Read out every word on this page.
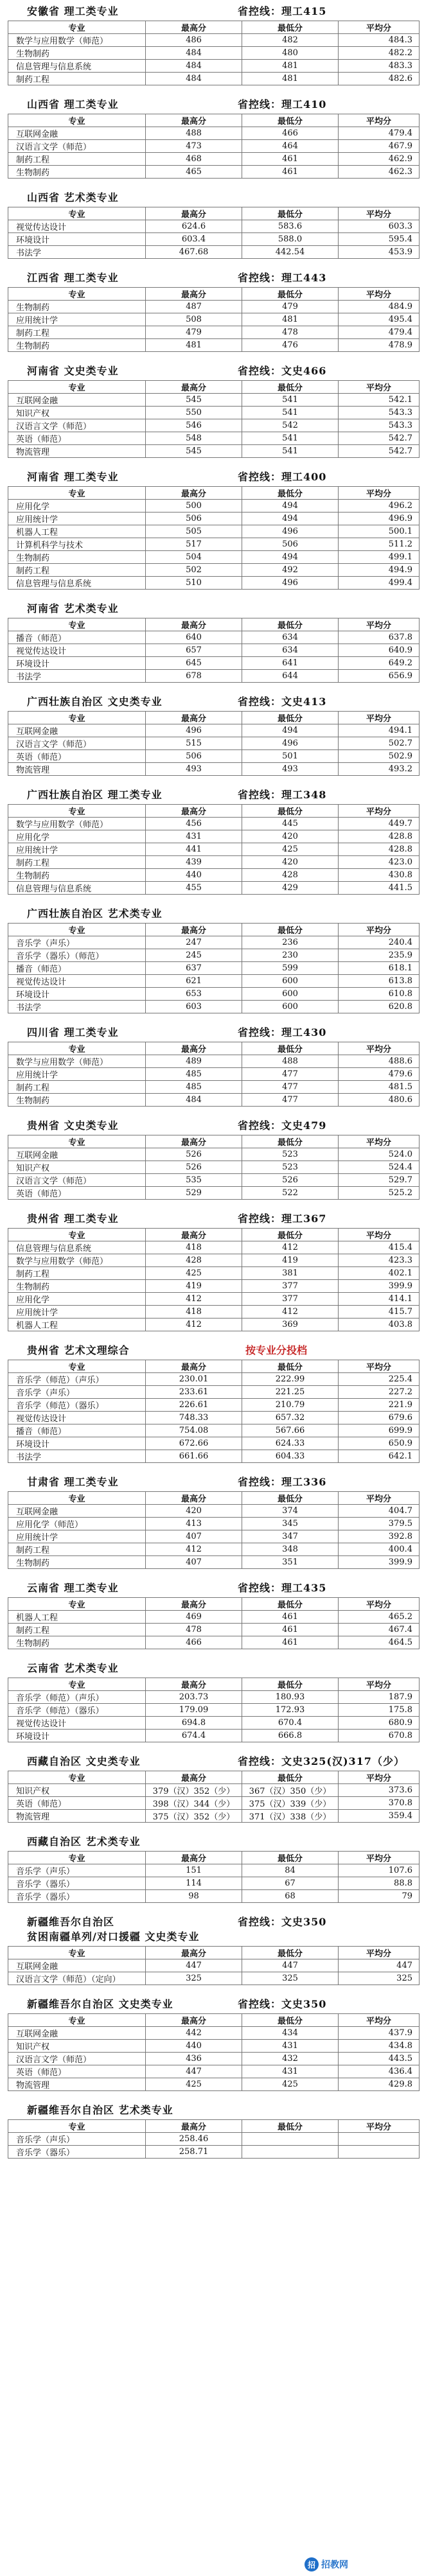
安徽省 理工类专业	省控线：理工415
专业	最高分	最低分	平均分
数学与应用数学（师范）	486	482	484.3
生物制药	484	480	482.2
信息管理与信息系统	484	481	483.3
制药工程	484	481	482.6
山西省 理工类专业	省控线：理工410
专业	最高分	最低分	平均分
互联网金融	488	466	479.4
汉语言文学（师范）	473	464	467.9
制药工程	468	461	462.9
生物制药	465	461	462.3
山西省 艺术类专业
专业	最高分	最低分	平均分
视觉传达设计	624.6	583.6	603.3
环境设计	603.4	588.0	595.4
书法学	467.68	442.54	453.9
江西省 理工类专业	省控线：理工443
专业	最高分	最低分	平均分
生物制药	487	479	484.9
应用统计学	508	481	495.4
制药工程	479	478	479.4
生物制药	481	476	478.9
河南省 文史类专业	省控线：文史466
专业	最高分	最低分	平均分
互联网金融	545	541	542.1
知识产权	550	541	543.3
汉语言文学（师范）	546	542	543.3
英语（师范）	548	541	542.7
物流管理	545	541	542.7
河南省 理工类专业	省控线：理工400
专业	最高分	最低分	平均分
应用化学	500	494	496.2
应用统计学	506	494	496.9
机器人工程	505	496	500.1
计算机科学与技术	517	506	511.2
生物制药	504	494	499.1
制药工程	502	492	494.9
信息管理与信息系统	510	496	499.4
河南省 艺术类专业
专业	最高分	最低分	平均分
播音（师范）	640	634	637.8
视觉传达设计	657	634	640.9
环境设计	645	641	649.2
书法学	678	644	656.9
广西壮族自治区 文史类专业	省控线：文史413
专业	最高分	最低分	平均分
互联网金融	496	494	494.1
汉语言文学（师范）	515	496	502.7
英语（师范）	506	501	502.9
物流管理	493	493	493.2
广西壮族自治区 理工类专业	省控线：理工348
专业	最高分	最低分	平均分
数学与应用数学（师范）	456	445	449.7
应用化学	431	420	428.8
应用统计学	441	425	428.8
制药工程	439	420	423.0
生物制药	440	428	430.8
信息管理与信息系统	455	429	441.5
广西壮族自治区 艺术类专业
专业	最高分	最低分	平均分
音乐学（声乐）	247	236	240.4
音乐学（器乐）（师范）	245	230	235.9
播音（师范）	637	599	618.1
视觉传达设计	621	600	613.8
环境设计	653	600	610.8
书法学	603	600	620.8
四川省 理工类专业	省控线：理工430
专业	最高分	最低分	平均分
数学与应用数学（师范）	489	488	488.6
应用统计学	485	477	479.6
制药工程	485	477	481.5
生物制药	484	477	480.6
贵州省 文史类专业	省控线：文史479
专业	最高分	最低分	平均分
互联网金融	526	523	524.0
知识产权	526	523	524.4
汉语言文学（师范）	535	526	529.7
英语（师范）	529	522	525.2
贵州省 理工类专业	省控线：理工367
专业	最高分	最低分	平均分
信息管理与信息系统	418	412	415.4
数学与应用数学（师范）	428	419	423.3
制药工程	425	381	402.1
生物制药	419	377	399.9
应用化学	412	377	414.1
应用统计学	418	412	415.7
机器人工程	412	369	403.8
贵州省 艺术文理综合	按专业分投档
专业	最高分	最低分	平均分
音乐学（师范）（声乐）	230.01	222.99	225.4
音乐学（声乐）	233.61	221.25	227.2
音乐学（师范）（器乐）	226.61	210.79	221.9
视觉传达设计	748.33	657.32	679.6
播音（师范）	754.08	567.66	699.9
环境设计	672.66	624.33	650.9
书法学	661.66	604.33	642.1
甘肃省 理工类专业	省控线：理工336
专业	最高分	最低分	平均分
互联网金融	420	374	404.7
应用化学（师范）	413	345	379.5
应用统计学	407	347	392.8
制药工程	412	348	400.4
生物制药	407	351	399.9
云南省 理工类专业	省控线：理工435
专业	最高分	最低分	平均分
机器人工程	469	461	465.2
制药工程	478	461	467.4
生物制药	466	461	464.5
云南省 艺术类专业
专业	最高分	最低分	平均分
音乐学（师范）（声乐）	203.73	180.93	187.9
音乐学（师范）（器乐）	179.09	172.93	175.8
视觉传达设计	694.8	670.4	680.9
环境设计	674.4	666.8	670.8
西藏自治区 文史类专业	省控线：文史325(汉)317（少）
专业	最高分	最低分	平均分
知识产权	379（汉）352（少）	367（汉）350（少）	373.6
英语（师范）	398（汉）344（少）	375（汉）339（少）	370.8
物流管理	375（汉）352（少）	371（汉）338（少）	359.4
西藏自治区 艺术类专业
专业	最高分	最低分	平均分
音乐学（声乐）	151	84	107.6
音乐学（器乐）	114	67	88.8
音乐学（器乐）	98	68	79
新疆维吾尔自治区	省控线：文史350
贫困南疆单列/对口援疆 文史类专业
专业	最高分	最低分	平均分
互联网金融	447	447	447
汉语言文学（师范）（定向）	325	325	325
新疆维吾尔自治区 文史类专业	省控线：文史350
专业	最高分	最低分	平均分
互联网金融	442	434	437.9
知识产权	440	431	434.8
汉语言文学（师范）	436	432	443.5
英语（师范）	447	431	436.4
物流管理	425	425	429.8
新疆维吾尔自治区 艺术类专业
专业	最高分	最低分	平均分
音乐学（声乐）	258.46		
音乐学（器乐）	258.71		
招 招教网
